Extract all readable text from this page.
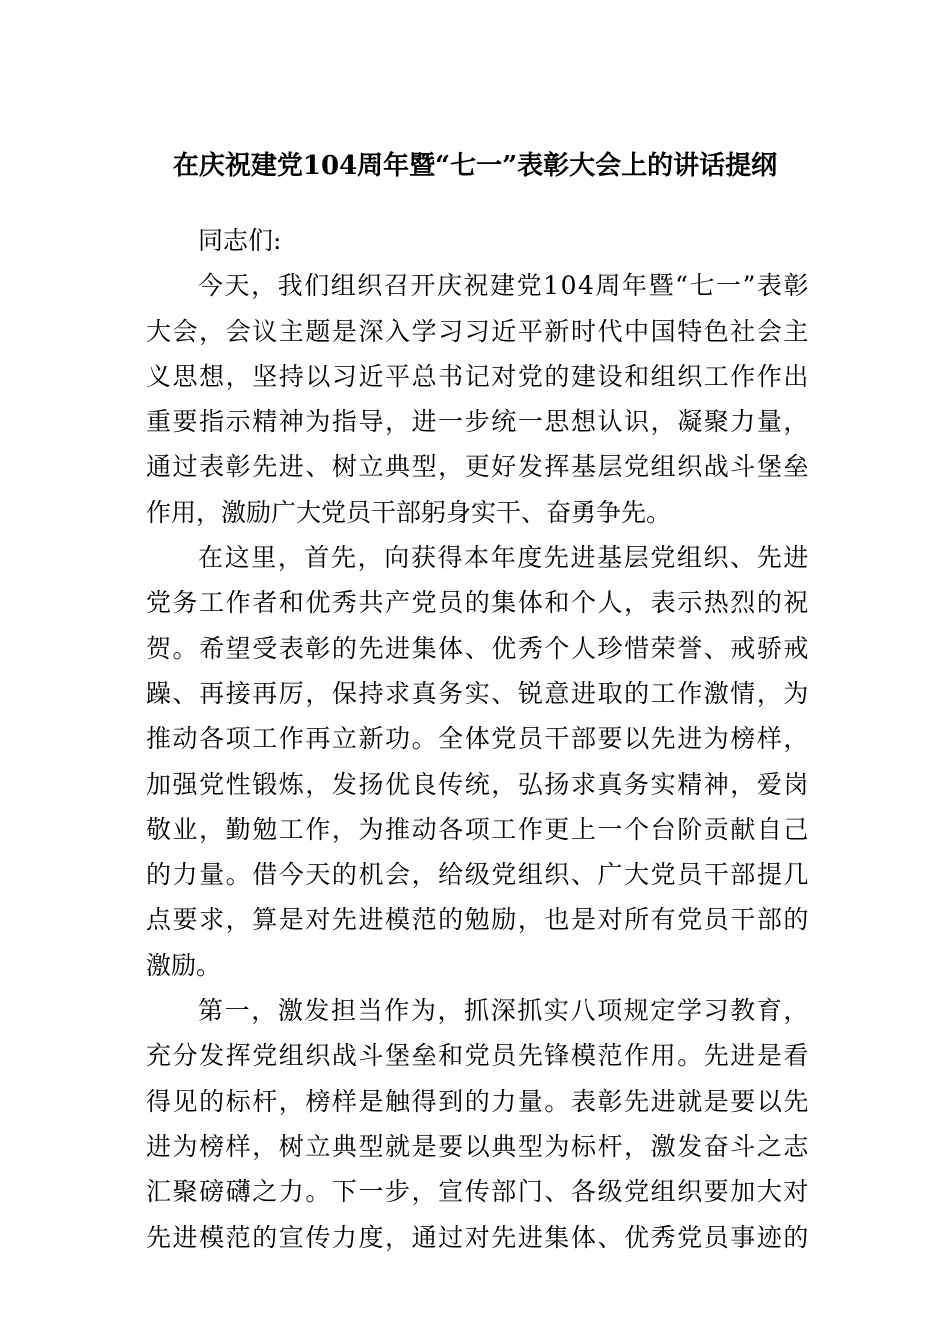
在庆祝建党104周年暨“七一”表彰大会上的讲话提纲

同志们:

今天，我们组织召开庆祝建党104周年暨“七一”表彰
大会，会议主题是深入学习习近平新时代中国特色社会主
义思想，坚持以习近平总书记对党的建设和组织工作作出
重要指示精神为指导，进一步统一思想认识，凝聚力量，
通过表彰先进、树立典型，更好发挥基层党组织战斗堡垒
作用，激励广大党员干部躬身实干、奋勇争先。

在这里，首先，向获得本年度先进基层党组织、先进
党务工作者和优秀共产党员的集体和个人，表示热烈的祝
贺。希望受表彰的先进集体、优秀个人珍惜荣誉、戒骄戒
躁、再接再厉，保持求真务实、锐意进取的工作激情，为
推动各项工作再立新功。全体党员干部要以先进为榜样，
加强党性锻炼，发扬优良传统，弘扬求真务实精神，爱岗
敬业，勤勉工作，为推动各项工作更上一个台阶贡献自己
的力量。借今天的机会，给级党组织、广大党员干部提几
点要求，算是对先进模范的勉励，也是对所有党员干部的
激励。

第一，激发担当作为，抓深抓实八项规定学习教育，
充分发挥党组织战斗堡垒和党员先锋模范作用。先进是看
得见的标杆，榜样是触得到的力量。表彰先进就是要以先
进为榜样，树立典型就是要以典型为标杆，激发奋斗之志
汇聚磅礴之力。下一步，宣传部门、各级党组织要加大对
先进模范的宣传力度，通过对先进集体、优秀党员事迹的
